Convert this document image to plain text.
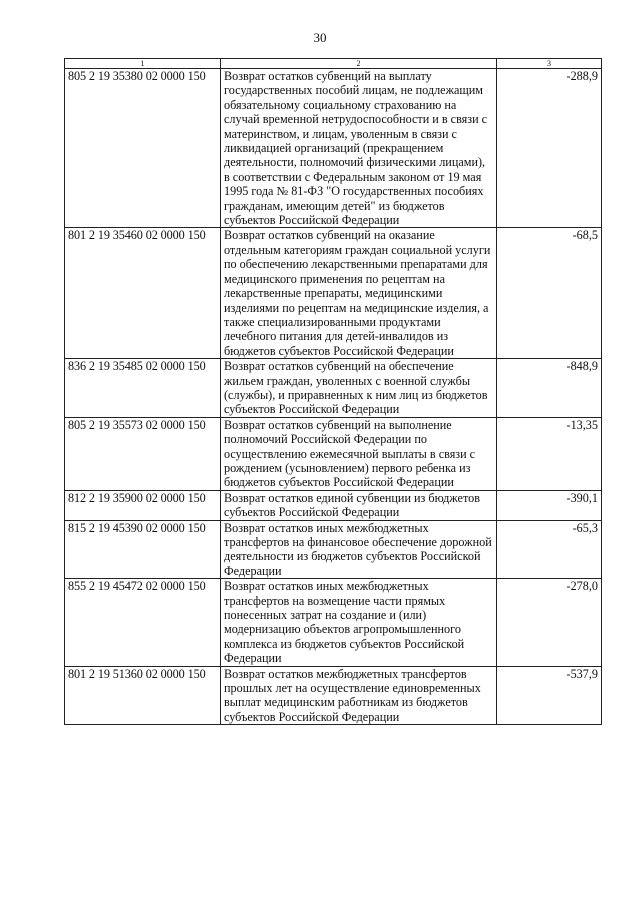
30
1	2	3
805 2 19 35380 02 0000 150	Возврат остатков субвенций на выплату государственных пособий лицам, не подлежащим обязательному социальному страхованию на случай временной нетрудоспособности и в связи с материнством, и лицам, уволенным в связи с ликвидацией организаций (прекращением деятельности, полномочий физическими лицами), в соответствии с Федеральным законом от 19 мая 1995 года № 81-ФЗ "О государственных пособиях гражданам, имеющим детей" из бюджетов субъектов Российской Федерации	-288,9
801 2 19 35460 02 0000 150	Возврат остатков субвенций на оказание отдельным категориям граждан социальной услуги по обеспечению лекарственными препаратами для медицинского применения по рецептам на лекарственные препараты, медицинскими изделиями по рецептам на медицинские изделия, а также специализированными продуктами лечебного питания для детей-инвалидов из бюджетов субъектов Российской Федерации	-68,5
836 2 19 35485 02 0000 150	Возврат остатков субвенций на обеспечение жильем граждан, уволенных с военной службы (службы), и приравненных к ним лиц из бюджетов субъектов Российской Федерации	-848,9
805 2 19 35573 02 0000 150	Возврат остатков субвенций на выполнение полномочий Российской Федерации по осуществлению ежемесячной выплаты в связи с рождением (усыновлением) первого ребенка из бюджетов субъектов Российской Федерации	-13,35
812 2 19 35900 02 0000 150	Возврат остатков единой субвенции из бюджетов субъектов Российской Федерации	-390,1
815 2 19 45390 02 0000 150	Возврат остатков иных межбюджетных трансфертов на финансовое обеспечение дорожной деятельности из бюджетов субъектов Российской Федерации	-65,3
855 2 19 45472 02 0000 150	Возврат остатков иных межбюджетных трансфертов на возмещение части прямых понесенных затрат на создание и (или) модернизацию объектов агропромышленного комплекса из бюджетов субъектов Российской Федерации	-278,0
801 2 19 51360 02 0000 150	Возврат остатков межбюджетных трансфертов прошлых лет на осуществление единовременных выплат медицинским работникам из бюджетов субъектов Российской Федерации	-537,9
